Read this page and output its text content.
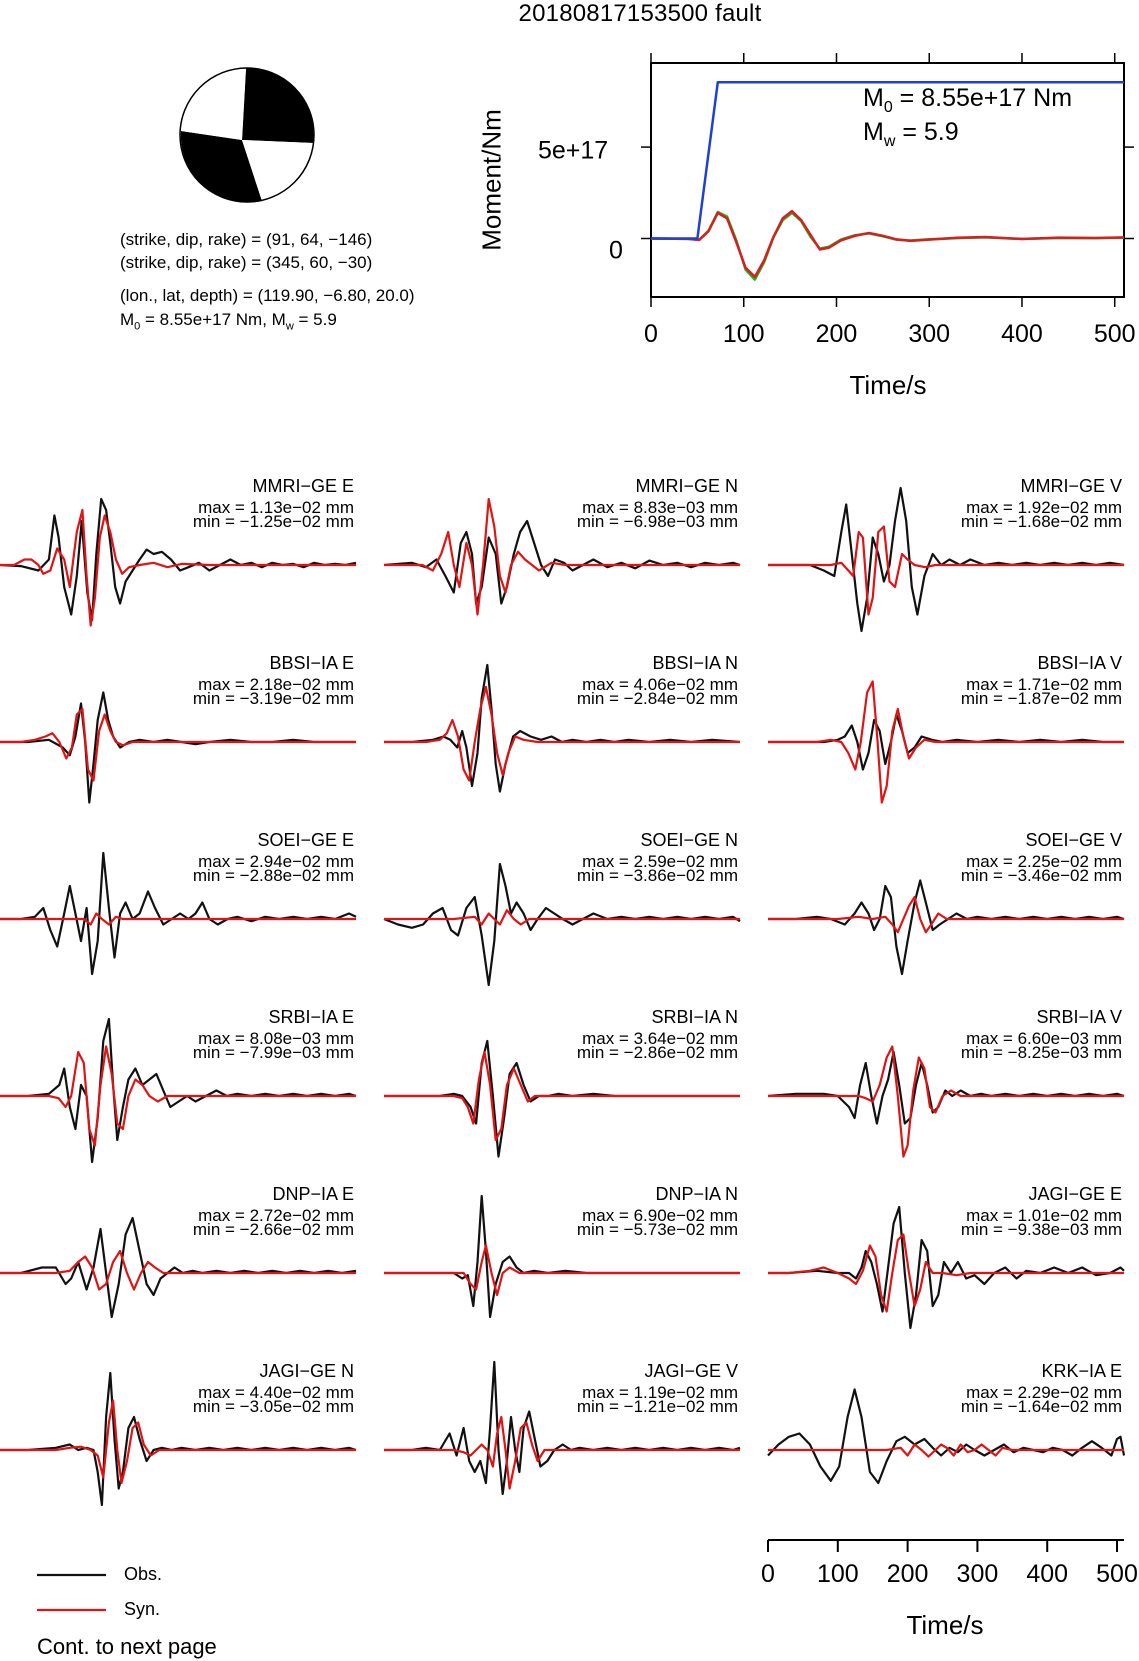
20180817153500 fault
(strike, dip, rake) = (91, 64, −146)
(strike, dip, rake) = (345, 60, −30)
(lon., lat, depth) = (119.90, −6.80, 20.0)
$M_0 = 8.55e+17$ Nm, $M_w = 5.9$
$M_0 = 8.55e+17$ Nm
$M_w = 5.9$
Moment/Nm 5e+17
0
0	100 200 300 400 500
Time/s
MMRI−GE E
max = 1.13e−02 mm
min = −1.25e−02 mm
MMRI−GE N
max = 8.83e−03 mm
min = −6.98e−03 mm
MMRI−GE V
max = 1.92e−02 mm
min = −1.68e−02 mm
BBSI−IA E
max = 2.18e−02 mm
min = −3.19e−02 mm
BBSI−IA N
max = 4.06e−02 mm
min = −2.84e−02 mm
BBSI−IA V
max = 1.71e−02 mm
min = −1.87e−02 mm
SOEI−GE E
max = 2.94e−02 mm
min = −2.88e−02 mm
SOEI−GE N
max = 2.59e−02 mm
min = −3.86e−02 mm
SOEI−GE V
max = 2.25e−02 mm
min = −3.46e−02 mm
SRBI−IA E
max = 8.08e−03 mm
min = −7.99e−03 mm
SRBI−IA N
max = 3.64e−02 mm
min = −2.86e−02 mm
SRBI−IA V
max = 6.60e−03 mm
min = −8.25e−03 mm
DNP−IA E
max = 2.72e−02 mm
min = −2.66e−02 mm
DNP−IA N
max = 6.90e−02 mm
min = −5.73e−02 mm
JAGI−GE E
max = 1.01e−02 mm
min = −9.38e−03 mm
JAGI−GE N
max = 4.40e−02 mm
min = −3.05e−02 mm
JAGI−GE V
max = 1.19e−02 mm
min = −1.21e−02 mm
KRK−IA E
max = 2.29e−02 mm
min = −1.64e−02 mm
0 100 200 300 400 500
Time/s
Obs.
Syn.
Cont. to next page
